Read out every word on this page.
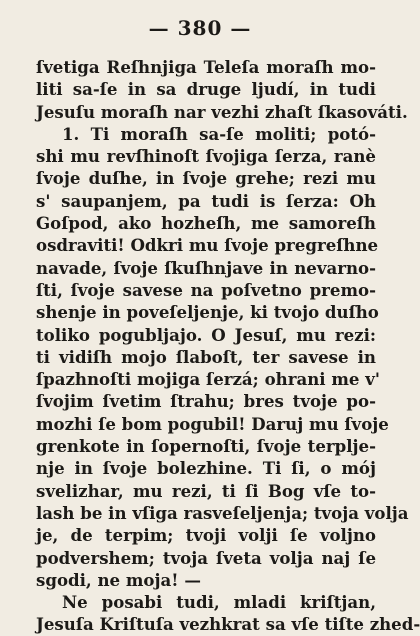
— 380 —
ſvetiga Reſhnjiga Teleſa moraſh mo-
liti sa-ſe in sa druge ljudí, in tudi
Jesuſu moraſh nar vezhi zhaſt ſkasováti.
1. Ti moraſh sa-ſe moliti; potó-
shi mu revſhinoſt ſvojiga ſerza, ranè
ſvoje duſhe, in ſvoje grehe; rezi mu
s' saupanjem, pa tudi is ſerza: Oh
Goſpod, ako hozheſh, me samoreſh
osdraviti! Odkri mu ſvoje pregreſhne
navade, ſvoje ſkuſhnjave in nevarno-
ſti, ſvoje savese na poſvetno premo-
shenje in poveſeljenje, ki tvojo duſho
toliko pogubljajo. O Jesuſ, mu rezi:
ti vidiſh mojo ſlaboſt, ter savese in
ſpazhnoſti mojiga ſerzá; ohrani me v'
ſvojim ſvetim ſtrahu; bres tvoje po-
mozhi ſe bom pogubil! Daruj mu ſvoje
grenkote in ſopernoſti, ſvoje terplje-
nje in ſvoje bolezhine. Ti ſi, o mój
svelizhar, mu rezi, ti ſi Bog vſe to-
lash be in vſiga rasveſeljenja; tvoja volja
je, de terpim; tvoji volji ſe voljno
podvershem; tvoja ſveta volja naj ſe
sgodi, ne moja! —
Ne posabi tudi, mladi kriſtjan,
Jesuſa Kriſtuſa vezhkrat sa vſe tiſte zhed-
